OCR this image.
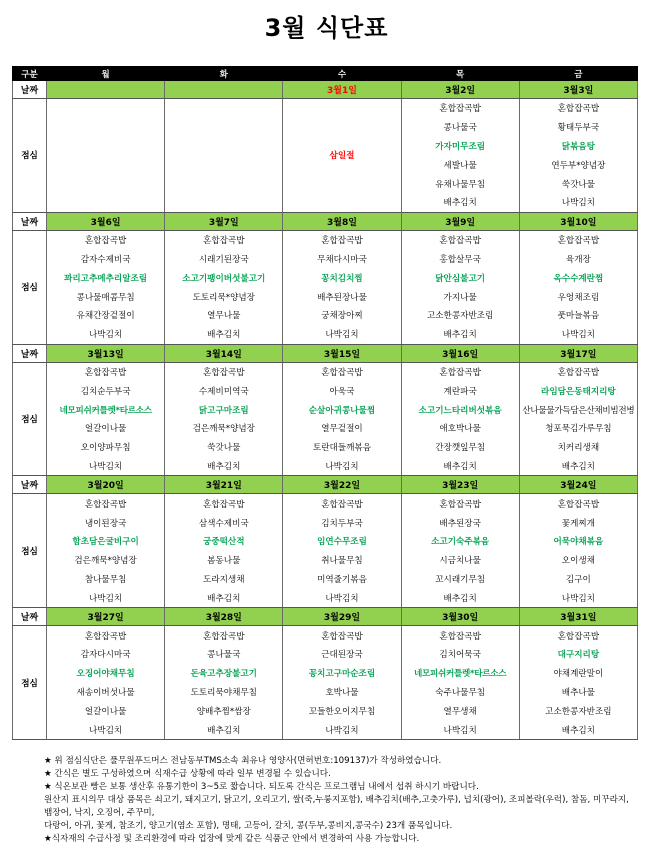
3월 식단표
구분	월	화	수	목	금
날짜			3월1일	3월2일	3월3일
점심			삼일절	혼합잡곡밥	혼합잡곡밥
				콩나물국	황태두부국
				가자미무조림	닭볶음탕
				세발나물	연두부*양념장
				유채나물무침	쑥갓나물
				배추김치	나박김치
날짜	3월6일	3월7일	3월8일	3월9일	3월10일
점심	혼합잡곡밥	혼합잡곡밥	혼합잡곡밥	혼합잡곡밥	혼합잡곡밥
	감자수제비국	시래기된장국	무채다시마국	홍합살무국	육개장
	꽈리고추메추리알조림	소고기팽이버섯불고기	꽁치김치찜	닭안심불고기	옥수수계란찜
	콩나물매콤무침	도토리묵*양념장	배추된장나물	가지나물	우엉채조림
	유채간장겉절이	열무나물	궁채장아찌	고소한콩자반조림	풋마늘볶음
	나박김치	배추김치	나박김치	배추김치	나박김치
날짜	3월13일	3월14일	3월15일	3월16일	3월17일
점심	혼합잡곡밥	혼합잡곡밥	혼합잡곡밥	혼합잡곡밥	혼합잡곡밥
	김치순두부국	수제비미역국	아욱국	계란파국	라임담은동태지리탕
	네모피쉬커틀렛*타르소스	닭고구마조림	순살아귀콩나물찜	소고기느타리버섯볶음	산나물물가득담은산채비빔전병
	얼갈이나물	검은깨묵*양념장	열무겉절이	애호박나물	청포묵김가루무침
	오이양파무침	쑥갓나물	토란대들깨볶음	간장깻잎무침	치커리생채
	나박김치	배추김치	나박김치	배추김치	배추김치
날짜	3월20일	3월21일	3월22일	3월23일	3월24일
점심	혼합잡곡밥	혼합잡곡밥	혼합잡곡밥	혼합잡곡밥	혼합잡곡밥
	냉이된장국	삼색수제비국	김치두부국	배추된장국	꽃게찌개
	함초담은굴비구이	궁중떡산적	임연수무조림	소고기숙주볶음	어묵야채볶음
	검은깨묵*양념장	봄동나물	취나물무침	시금치나물	오이생채
	참나물무침	도라지생채	미역줄기볶음	꼬시래기무침	김구이
	나박김치	배추김치	나박김치	배추김치	나박김치
날짜	3월27일	3월28일	3월29일	3월30일	3월31일
점심	혼합잡곡밥	혼합잡곡밥	혼합잡곡밥	혼합잡곡밥	혼합잡곡밥
	감자다시마국	콩나물국	근대된장국	김치어묵국	대구지리탕
	오징어야채무침	돈육고추장불고기	꽁치고구마순조림	네모피쉬커틀렛*타르소스	야채계란말이
	새송이버섯나물	도토리묵야채무침	호박나물	숙주나물무침	배추나물
	얼갈이나물	양배추찜*쌈장	꼬들한오이지무침	열무생채	고소한콩자반조림
	나박김치	배추김치	나박김치	나박김치	배추김치

★ 위 점심식단은 풀무원푸드머스 전남동부TMS소속 최유나 영양사(면허번호:109137)가 작성하였습니다.

★ 간식은 별도 구성하였으며 식재수급 상황에 따라 일부 변경될 수 있습니다.

★ 식온보관 빵은 보통 생산후 유통기한이 3~5로 짧습니다. 되도록 간식은 프로그램님 내에서 섭취 하시기 바랍니다.

원산지 표시의무 대상 품목은 쇠고기, 돼지고기, 닭고기, 오리고기, 쌀(죽,누룽지포함), 배추김치(배추,고춧가루), 넙치(광어), 조피볼락(우럭), 참돔, 미꾸라지, 뱀장어, 낙지, 오징어, 주꾸미,

다랑어, 아귀, 꽃게, 참조기, 양고기(염소 포함), 명태, 고등어, 갈치, 콩(두부,콩비지,콩국수) 23개 품목입니다.

★식자재의 수급사정 및 조리환경에 따라 업장에 맞게 같은 식품군 안에서 변경하여 사용 가능합니다.
